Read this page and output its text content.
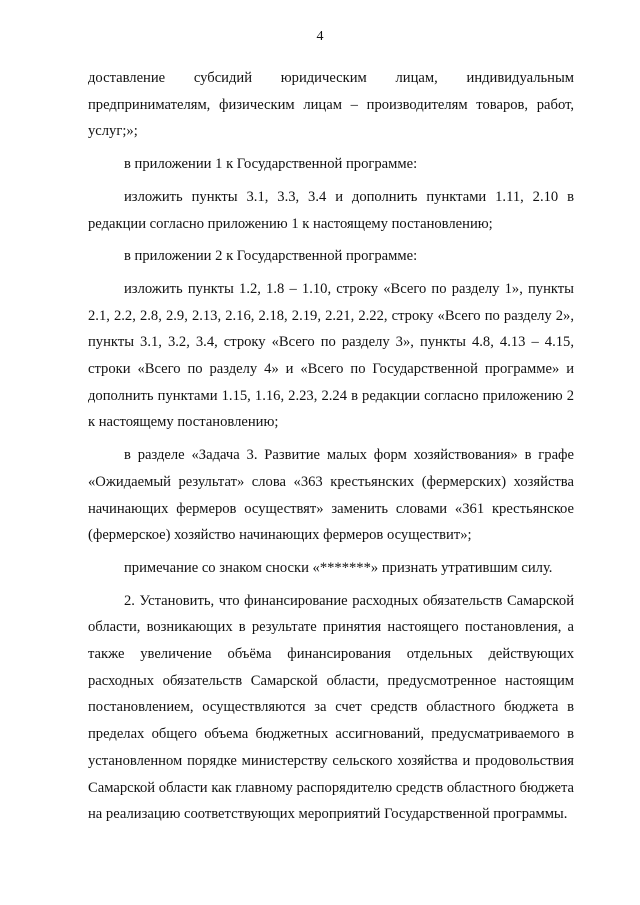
4

доставление субсидий юридическим лицам, индивидуальным предпринимателям, физическим лицам – производителям товаров, работ, услуг;»;

в приложении 1 к Государственной программе:

изложить пункты 3.1, 3.3, 3.4 и дополнить пунктами 1.11, 2.10 в редакции согласно приложению 1 к настоящему постановлению;

в приложении 2 к Государственной программе:

изложить пункты 1.2, 1.8 – 1.10, строку «Всего по разделу 1», пункты 2.1, 2.2, 2.8, 2.9, 2.13, 2.16, 2.18, 2.19, 2.21, 2.22, строку «Всего по разделу 2», пункты 3.1, 3.2, 3.4, строку «Всего по разделу 3», пункты 4.8, 4.13 – 4.15, строки «Всего по разделу 4» и «Всего по Государственной программе» и дополнить пунктами 1.15, 1.16, 2.23, 2.24 в редакции согласно приложению 2 к настоящему постановлению;

в разделе «Задача 3. Развитие малых форм хозяйствования» в графе «Ожидаемый результат» слова «363 крестьянских (фермерских) хозяйства начинающих фермеров осуществят» заменить словами «361 крестьянское (фермерское) хозяйство начинающих фермеров осуществит»;

примечание со знаком сноски «*******» признать утратившим силу.

2. Установить, что финансирование расходных обязательств Самарской области, возникающих в результате принятия настоящего постановления, а также увеличение объёма финансирования отдельных действующих расходных обязательств Самарской области, предусмотренное настоящим постановлением, осуществляются за счет средств областного бюджета в пределах общего объема бюджетных ассигнований, предусматриваемого в установленном порядке министерству сельского хозяйства и продовольствия Самарской области как главному распорядителю средств областного бюджета на реализацию соответствующих мероприятий Государственной программы.
